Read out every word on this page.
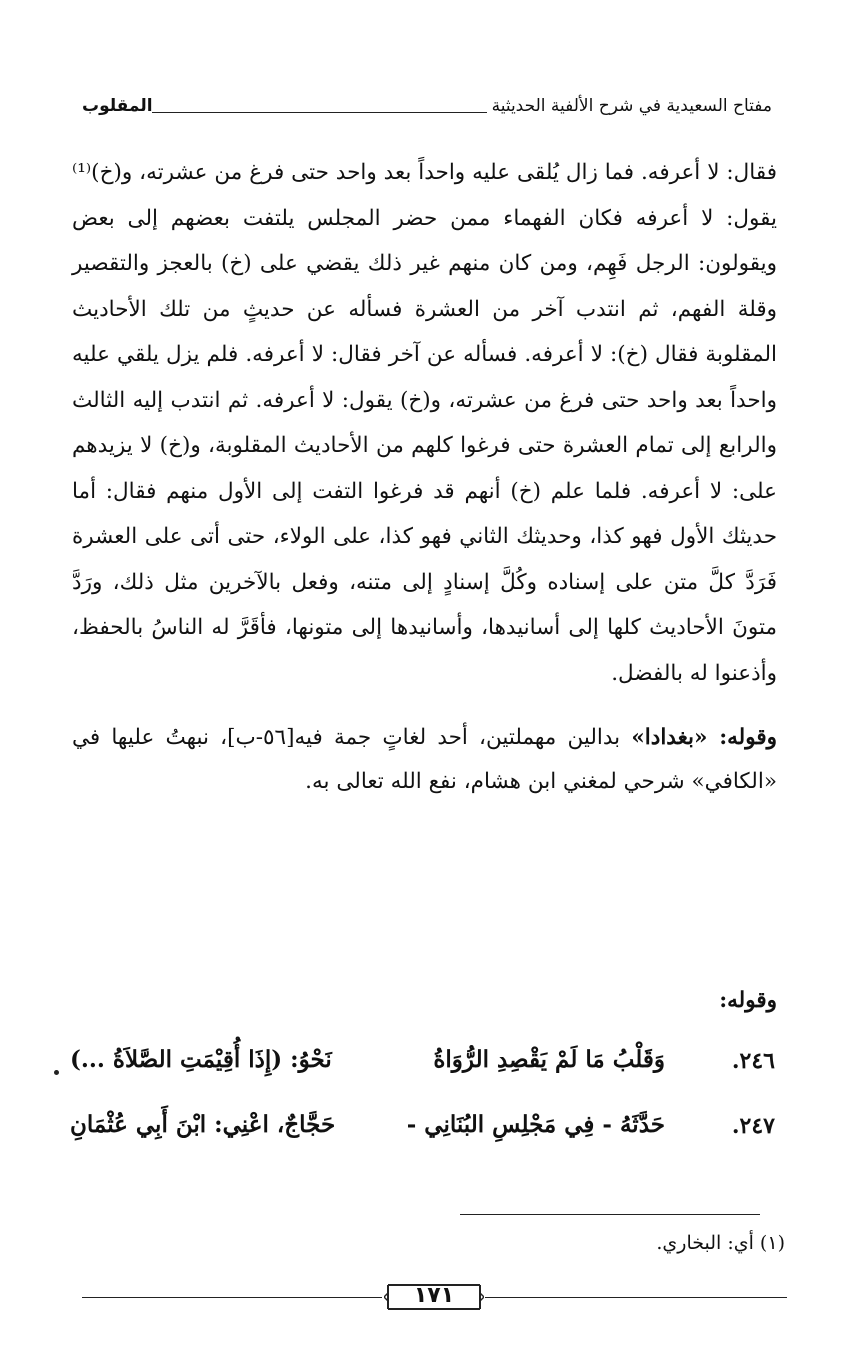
مفتاح السعيدية في شرح الألفية الحديثية
المقلوب

فقال: لا أعرفه. فما زال يُلقى عليه واحداً بعد واحد حتى فرغ من عشرته، و(خ)⁽¹⁾ يقول: لا أعرفه فكان الفهماء ممن حضر المجلس يلتفت بعضهم إلى بعض ويقولون: الرجل فَهِم، ومن كان منهم غير ذلك يقضي على (خ) بالعجز والتقصير وقلة الفهم، ثم انتدب آخر من العشرة فسأله عن حديثٍ من تلك الأحاديث المقلوبة فقال (خ): لا أعرفه. فسأله عن آخر فقال: لا أعرفه. فلم يزل يلقي عليه واحداً بعد واحد حتى فرغ من عشرته، و(خ) يقول: لا أعرفه. ثم انتدب إليه الثالث والرابع إلى تمام العشرة حتى فرغوا كلهم من الأحاديث المقلوبة، و(خ) لا يزيدهم على: لا أعرفه. فلما علم (خ) أنهم قد فرغوا التفت إلى الأول منهم فقال: أما حديثك الأول فهو كذا، وحديثك الثاني فهو كذا، على الولاء، حتى أتى على العشرة فَرَدَّ كلَّ متن على إسناده وكُلَّ إسنادٍ إلى متنه، وفعل بالآخرين مثل ذلك، ورَدَّ متونَ الأحاديث كلها إلى أسانيدها، وأسانيدها إلى متونها، فأقَرَّ له الناسُ بالحفظ، وأذعنوا له بالفضل.

وقوله: «بغدادا» بدالين مهملتين، أحد لغاتٍ جمة فيه[٥٦-ب]، نبهتُ عليها في «الكافي» شرحي لمغني ابن هشام، نفع الله تعالى به.

وقوله:
٢٤٦.
وَقَلْبُ مَا لَمْ يَقْصِدِ الرُّوَاةُ
نَحْوُ: (إِذَا أُقِيْمَتِ الصَّلاَةُ ...)
٢٤٧.
حَدَّثَهُ - فِي مَجْلِسِ البُنَانِي -
حَجَّاجٌ، اعْنِي: ابْنَ أَبِي عُثْمَانِ
(١) أي: البخاري.
١٧١
